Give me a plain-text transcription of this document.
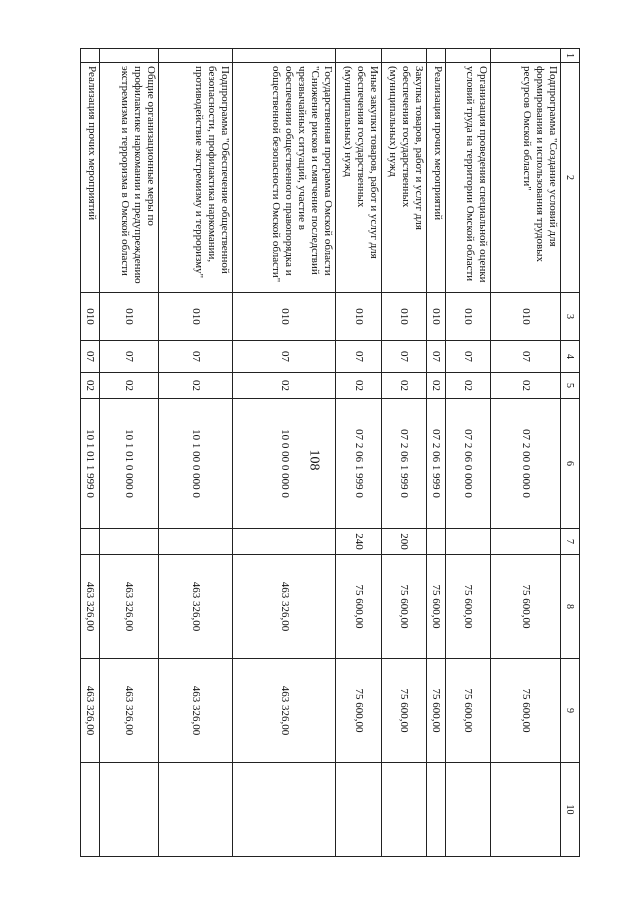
108
1	2	3	4	5	6	7	8	9	10
	Подпрограмма "Создание условий для формирования и использования трудовых ресурсов Омской области"	010	07	02	07 2 00 0 000 0		75 600,00	75 600,00	
	Организация проведения специальной оценки условий труда на территории Омской области	010	07	02	07 2 06 0 000 0		75 600,00	75 600,00	
	Реализация прочих мероприятий	010	07	02	07 2 06 1 999 0		75 600,00	75 600,00	
	Закупка товаров, работ и услуг для обеспечения государственных (муниципальных) нужд	010	07	02	07 2 06 1 999 0	200	75 600,00	75 600,00	
	Иные закупки товаров, работ и услуг для обеспечения государственных (муниципальных) нужд	010	07	02	07 2 06 1 999 0	240	75 600,00	75 600,00	
	Государственная программа Омской области "Снижение рисков и смягчение последствий чрезвычайных ситуаций, участие в обеспечении общественного правопорядка и общественной безопасности Омской области"	010	07	02	10 0 00 0 000 0		463 326,00	463 326,00	
	Подпрограмма "Обеспечение общественной безопасности, профилактика наркомании, противодействие экстремизму и терроризму"	010	07	02	10 1 00 0 000 0		463 326,00	463 326,00	
	Общие организационные меры по профилактике наркомании и предупреждению экстремизма и терроризма в Омской области	010	07	02	10 1 01 0 000 0		463 326,00	463 326,00	
	Реализация прочих мероприятий	010	07	02	10 1 01 1 999 0		463 326,00	463 326,00	
